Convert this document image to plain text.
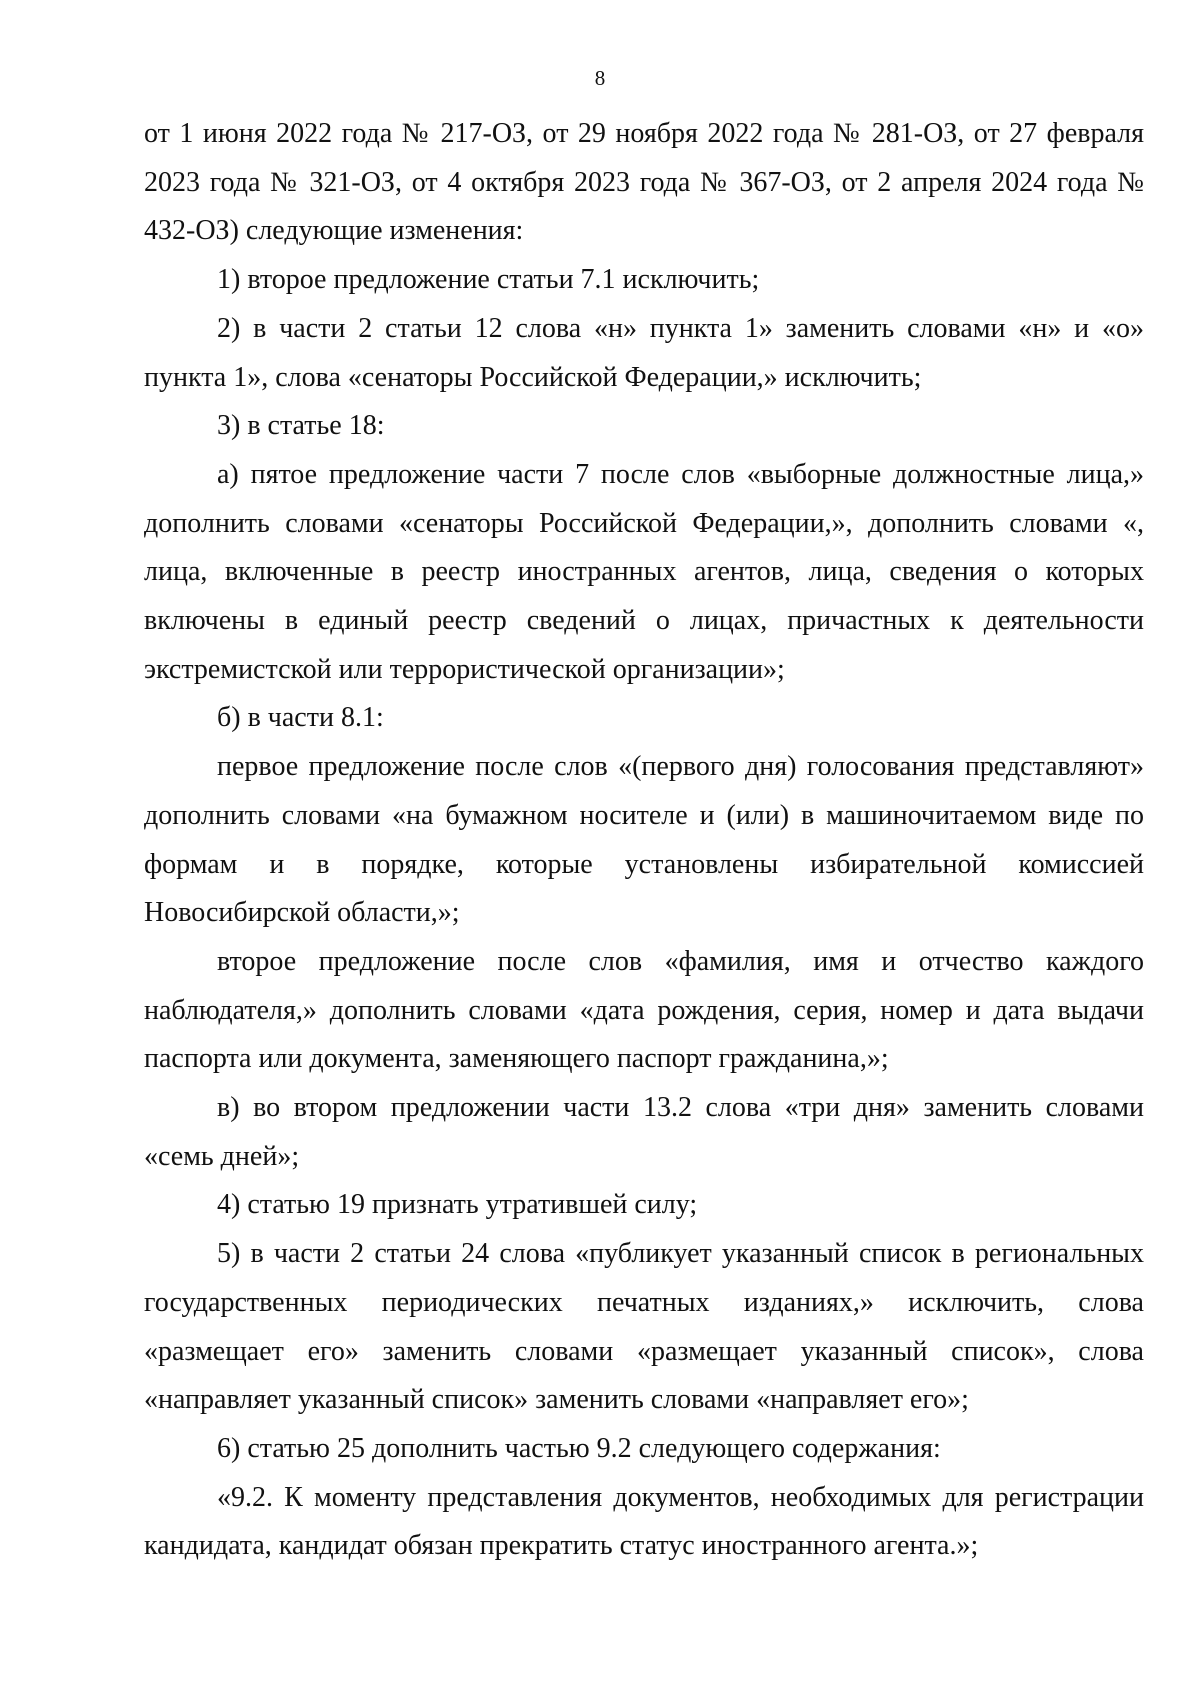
8

от 1 июня 2022 года № 217-ОЗ, от 29 ноября 2022 года № 281-ОЗ, от 27 февраля 2023 года № 321-ОЗ, от 4 октября 2023 года № 367-ОЗ, от 2 апреля 2024 года № 432-ОЗ) следующие изменения:

1) второе предложение статьи 7.1 исключить;

2) в части 2 статьи 12 слова «н» пункта 1» заменить словами «н» и «о» пункта 1», слова «сенаторы Российской Федерации,» исключить;

3) в статье 18:

а) пятое предложение части 7 после слов «выборные должностные лица,» дополнить словами «сенаторы Российской Федерации,», дополнить словами «, лица, включенные в реестр иностранных агентов, лица, сведения о которых включены в единый реестр сведений о лицах, причастных к деятельности экстремистской или террористической организации»;

б) в части 8.1:

первое предложение после слов «(первого дня) голосования представляют» дополнить словами «на бумажном носителе и (или) в машиночитаемом виде по формам и в порядке, которые установлены избирательной комиссией Новосибирской области,»;

второе предложение после слов «фамилия, имя и отчество каждого наблюдателя,» дополнить словами «дата рождения, серия, номер и дата выдачи паспорта или документа, заменяющего паспорт гражданина,»;

в) во втором предложении части 13.2 слова «три дня» заменить словами «семь дней»;

4) статью 19 признать утратившей силу;

5) в части 2 статьи 24 слова «публикует указанный список в региональных государственных периодических печатных изданиях,» исключить, слова «размещает его» заменить словами «размещает указанный список», слова «направляет указанный список» заменить словами «направляет его»;

6) статью 25 дополнить частью 9.2 следующего содержания:

«9.2. К моменту представления документов, необходимых для регистрации кандидата, кандидат обязан прекратить статус иностранного агента.»;
